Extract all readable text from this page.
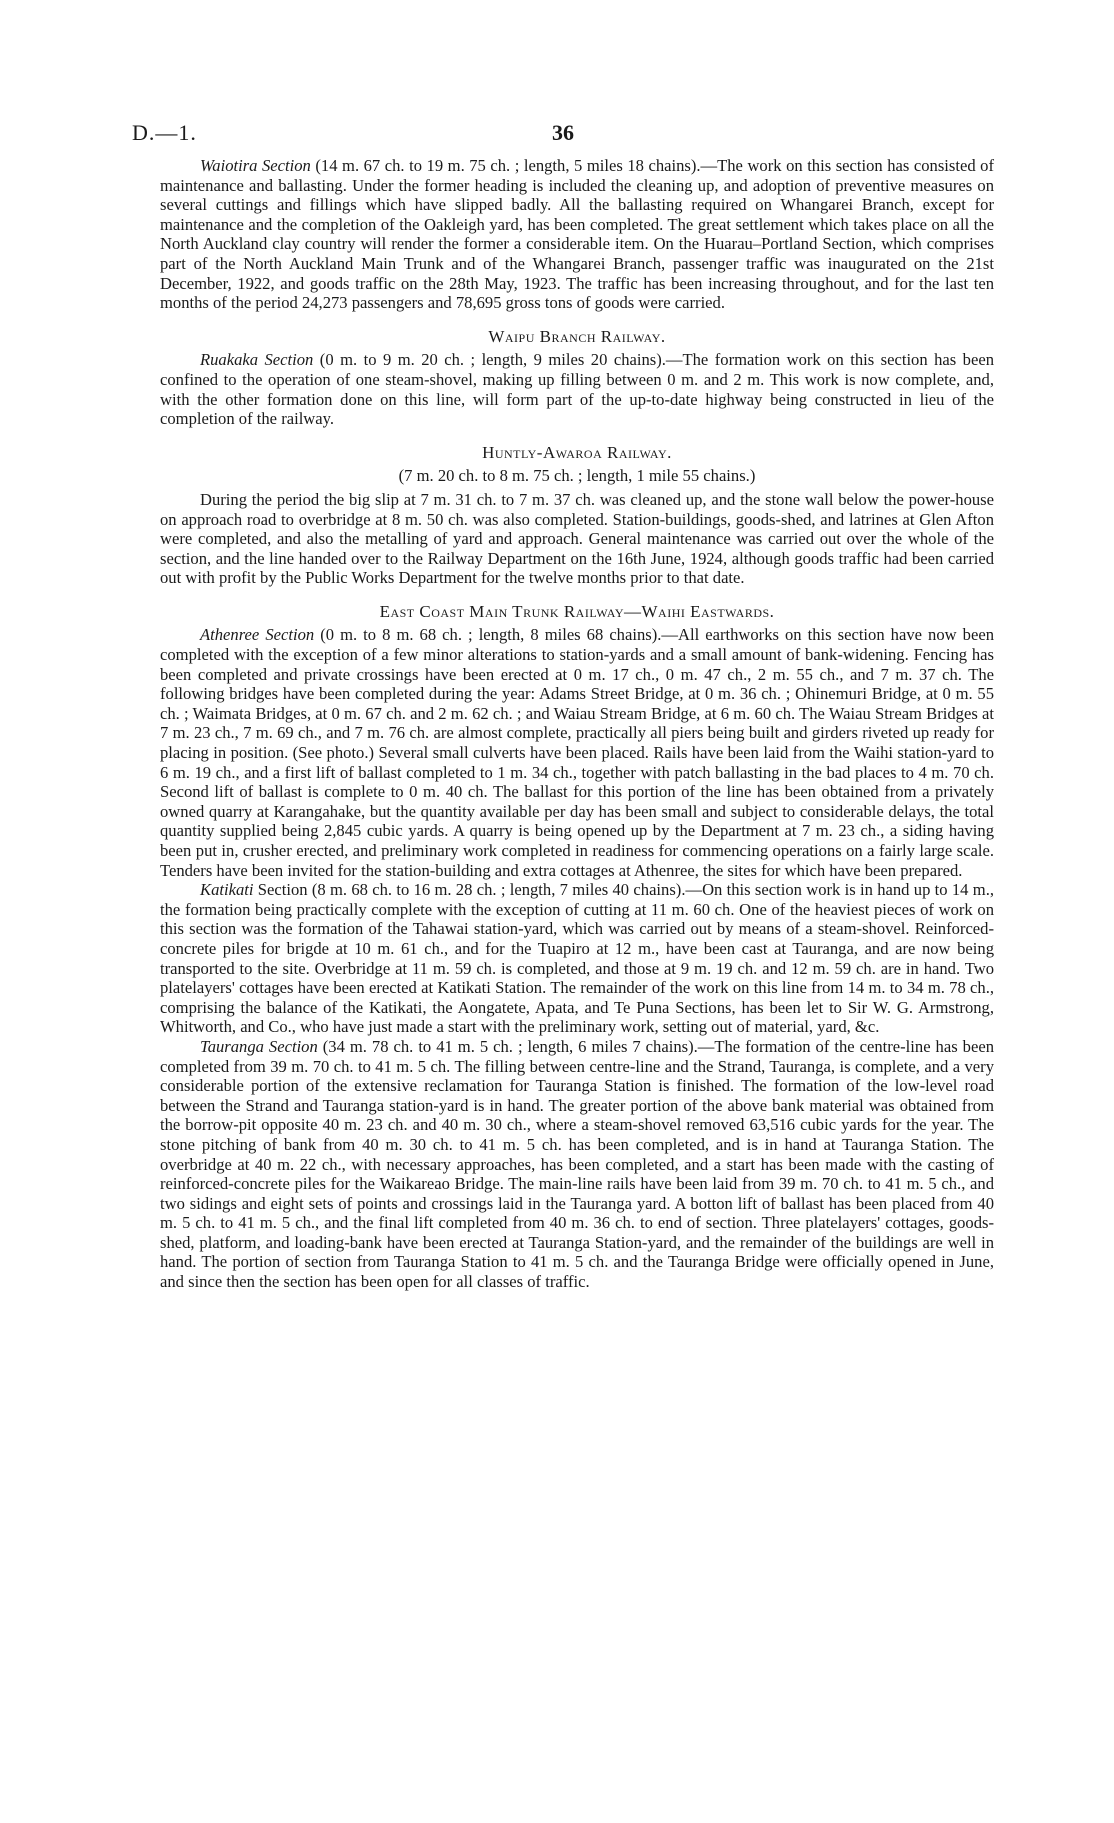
D.—1.	36

Waiotira Section (14 m. 67 ch. to 19 m. 75 ch. ; length, 5 miles 18 chains).—The work on this section has consisted of maintenance and ballasting. Under the former heading is included the cleaning up, and adoption of preventive measures on several cuttings and fillings which have slipped badly. All the ballasting required on Whangarei Branch, except for maintenance and the completion of the Oakleigh yard, has been completed. The great settlement which takes place on all the North Auckland clay country will render the former a considerable item. On the Huarau–Portland Section, which comprises part of the North Auckland Main Trunk and of the Whangarei Branch, passenger traffic was inaugurated on the 21st December, 1922, and goods traffic on the 28th May, 1923. The traffic has been increasing throughout, and for the last ten months of the period 24,273 passengers and 78,695 gross tons of goods were carried.

Waipu Branch Railway.

Ruakaka Section (0 m. to 9 m. 20 ch. ; length, 9 miles 20 chains).—The formation work on this section has been confined to the operation of one steam-shovel, making up filling between 0 m. and 2 m. This work is now complete, and, with the other formation done on this line, will form part of the up-to-date highway being constructed in lieu of the completion of the railway.

Huntly-Awaroa Railway.
(7 m. 20 ch. to 8 m. 75 ch. ; length, 1 mile 55 chains.)

During the period the big slip at 7 m. 31 ch. to 7 m. 37 ch. was cleaned up, and the stone wall below the power-house on approach road to overbridge at 8 m. 50 ch. was also completed. Station-buildings, goods-shed, and latrines at Glen Afton were completed, and also the metalling of yard and approach. General maintenance was carried out over the whole of the section, and the line handed over to the Railway Department on the 16th June, 1924, although goods traffic had been carried out with profit by the Public Works Department for the twelve months prior to that date.

East Coast Main Trunk Railway—Waihi Eastwards.

Athenree Section (0 m. to 8 m. 68 ch. ; length, 8 miles 68 chains).—All earthworks on this section have now been completed with the exception of a few minor alterations to station-yards and a small amount of bank-widening. Fencing has been completed and private crossings have been erected at 0 m. 17 ch., 0 m. 47 ch., 2 m. 55 ch., and 7 m. 37 ch. The following bridges have been completed during the year: Adams Street Bridge, at 0 m. 36 ch. ; Ohinemuri Bridge, at 0 m. 55 ch. ; Waimata Bridges, at 0 m. 67 ch. and 2 m. 62 ch. ; and Waiau Stream Bridge, at 6 m. 60 ch. The Waiau Stream Bridges at 7 m. 23 ch., 7 m. 69 ch., and 7 m. 76 ch. are almost complete, practically all piers being built and girders riveted up ready for placing in position. (See photo.) Several small culverts have been placed. Rails have been laid from the Waihi station-yard to 6 m. 19 ch., and a first lift of ballast completed to 1 m. 34 ch., together with patch ballasting in the bad places to 4 m. 70 ch. Second lift of ballast is complete to 0 m. 40 ch. The ballast for this portion of the line has been obtained from a privately owned quarry at Karangahake, but the quantity available per day has been small and subject to considerable delays, the total quantity supplied being 2,845 cubic yards. A quarry is being opened up by the Department at 7 m. 23 ch., a siding having been put in, crusher erected, and preliminary work completed in readiness for commencing operations on a fairly large scale. Tenders have been invited for the station-building and extra cottages at Athenree, the sites for which have been prepared.

Katikati Section (8 m. 68 ch. to 16 m. 28 ch. ; length, 7 miles 40 chains).—On this section work is in hand up to 14 m., the formation being practically complete with the exception of cutting at 11 m. 60 ch. One of the heaviest pieces of work on this section was the formation of the Tahawai station-yard, which was carried out by means of a steam-shovel. Reinforced-concrete piles for brigde at 10 m. 61 ch., and for the Tuapiro at 12 m., have been cast at Tauranga, and are now being transported to the site. Overbridge at 11 m. 59 ch. is completed, and those at 9 m. 19 ch. and 12 m. 59 ch. are in hand. Two platelayers' cottages have been erected at Katikati Station. The remainder of the work on this line from 14 m. to 34 m. 78 ch., comprising the balance of the Katikati, the Aongatete, Apata, and Te Puna Sections, has been let to Sir W. G. Armstrong, Whitworth, and Co., who have just made a start with the preliminary work, setting out of material, yard, &c.

Tauranga Section (34 m. 78 ch. to 41 m. 5 ch. ; length, 6 miles 7 chains).—The formation of the centre-line has been completed from 39 m. 70 ch. to 41 m. 5 ch. The filling between centre-line and the Strand, Tauranga, is complete, and a very considerable portion of the extensive reclamation for Tauranga Station is finished. The formation of the low-level road between the Strand and Tauranga station-yard is in hand. The greater portion of the above bank material was obtained from the borrow-pit opposite 40 m. 23 ch. and 40 m. 30 ch., where a steam-shovel removed 63,516 cubic yards for the year. The stone pitching of bank from 40 m. 30 ch. to 41 m. 5 ch. has been completed, and is in hand at Tauranga Station. The overbridge at 40 m. 22 ch., with necessary approaches, has been completed, and a start has been made with the casting of reinforced-concrete piles for the Waikareao Bridge. The main-line rails have been laid from 39 m. 70 ch. to 41 m. 5 ch., and two sidings and eight sets of points and crossings laid in the Tauranga yard. A botton lift of ballast has been placed from 40 m. 5 ch. to 41 m. 5 ch., and the final lift completed from 40 m. 36 ch. to end of section. Three platelayers' cottages, goods-shed, platform, and loading-bank have been erected at Tauranga Station-yard, and the remainder of the buildings are well in hand. The portion of section from Tauranga Station to 41 m. 5 ch. and the Tauranga Bridge were officially opened in June, and since then the section has been open for all classes of traffic.
